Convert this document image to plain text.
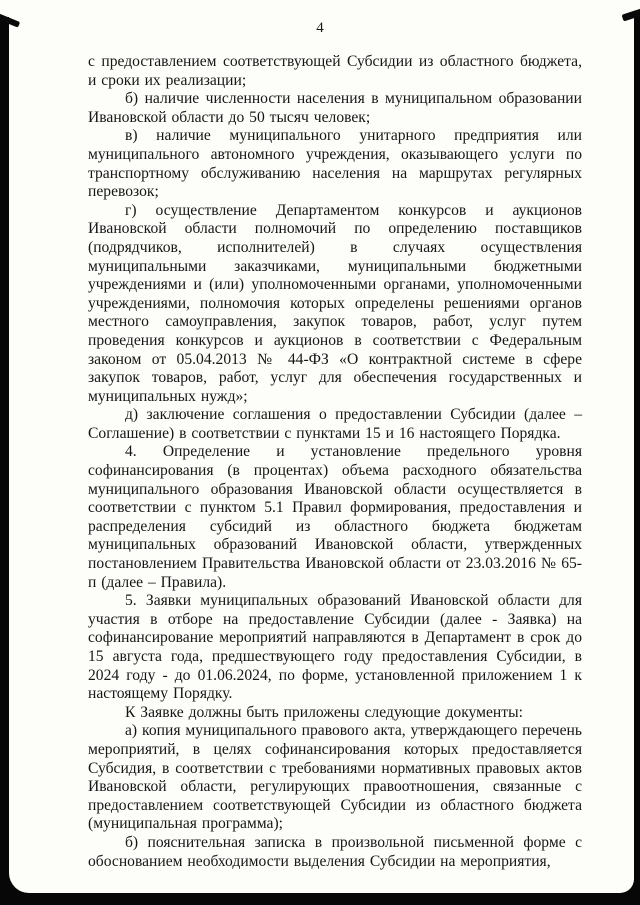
4

с предоставлением соответствующей Субсидии из областного бюджета, и сроки их реализации;

б) наличие численности населения в муниципальном образовании Ивановской области до 50 тысяч человек;

в) наличие муниципального унитарного предприятия или муниципального автономного учреждения, оказывающего услуги по транспортному обслуживанию населения на маршрутах регулярных перевозок;

г) осуществление Департаментом конкурсов и аукционов Ивановской области полномочий по определению поставщиков (подрядчиков, исполнителей) в случаях осуществления муниципальными заказчиками, муниципальными бюджетными учреждениями и (или) уполномоченными органами, уполномоченными учреждениями, полномочия которых определены решениями органов местного самоуправления, закупок товаров, работ, услуг путем проведения конкурсов и аукционов в соответствии с Федеральным законом от 05.04.2013 № 44-ФЗ «О контрактной системе в сфере закупок товаров, работ, услуг для обеспечения государственных и муниципальных нужд»;

д) заключение соглашения о предоставлении Субсидии (далее – Соглашение) в соответствии с пунктами 15 и 16 настоящего Порядка.

4. Определение и установление предельного уровня софинансирования (в процентах) объема расходного обязательства муниципального образования Ивановской области осуществляется в соответствии с пунктом 5.1 Правил формирования, предоставления и распределения субсидий из областного бюджета бюджетам муниципальных образований Ивановской области, утвержденных постановлением Правительства Ивановской области от 23.03.2016 № 65-п (далее – Правила).

5. Заявки муниципальных образований Ивановской области для участия в отборе на предоставление Субсидии (далее - Заявка) на софинансирование мероприятий направляются в Департамент в срок до 15 августа года, предшествующего году предоставления Субсидии, в 2024 году - до 01.06.2024, по форме, установленной приложением 1 к настоящему Порядку.

К Заявке должны быть приложены следующие документы:

а) копия муниципального правового акта, утверждающего перечень мероприятий, в целях софинансирования которых предоставляется Субсидия, в соответствии с требованиями нормативных правовых актов Ивановской области, регулирующих правоотношения, связанные с предоставлением соответствующей Субсидии из областного бюджета (муниципальная программа);

б) пояснительная записка в произвольной письменной форме с обоснованием необходимости выделения Субсидии на мероприятия,
